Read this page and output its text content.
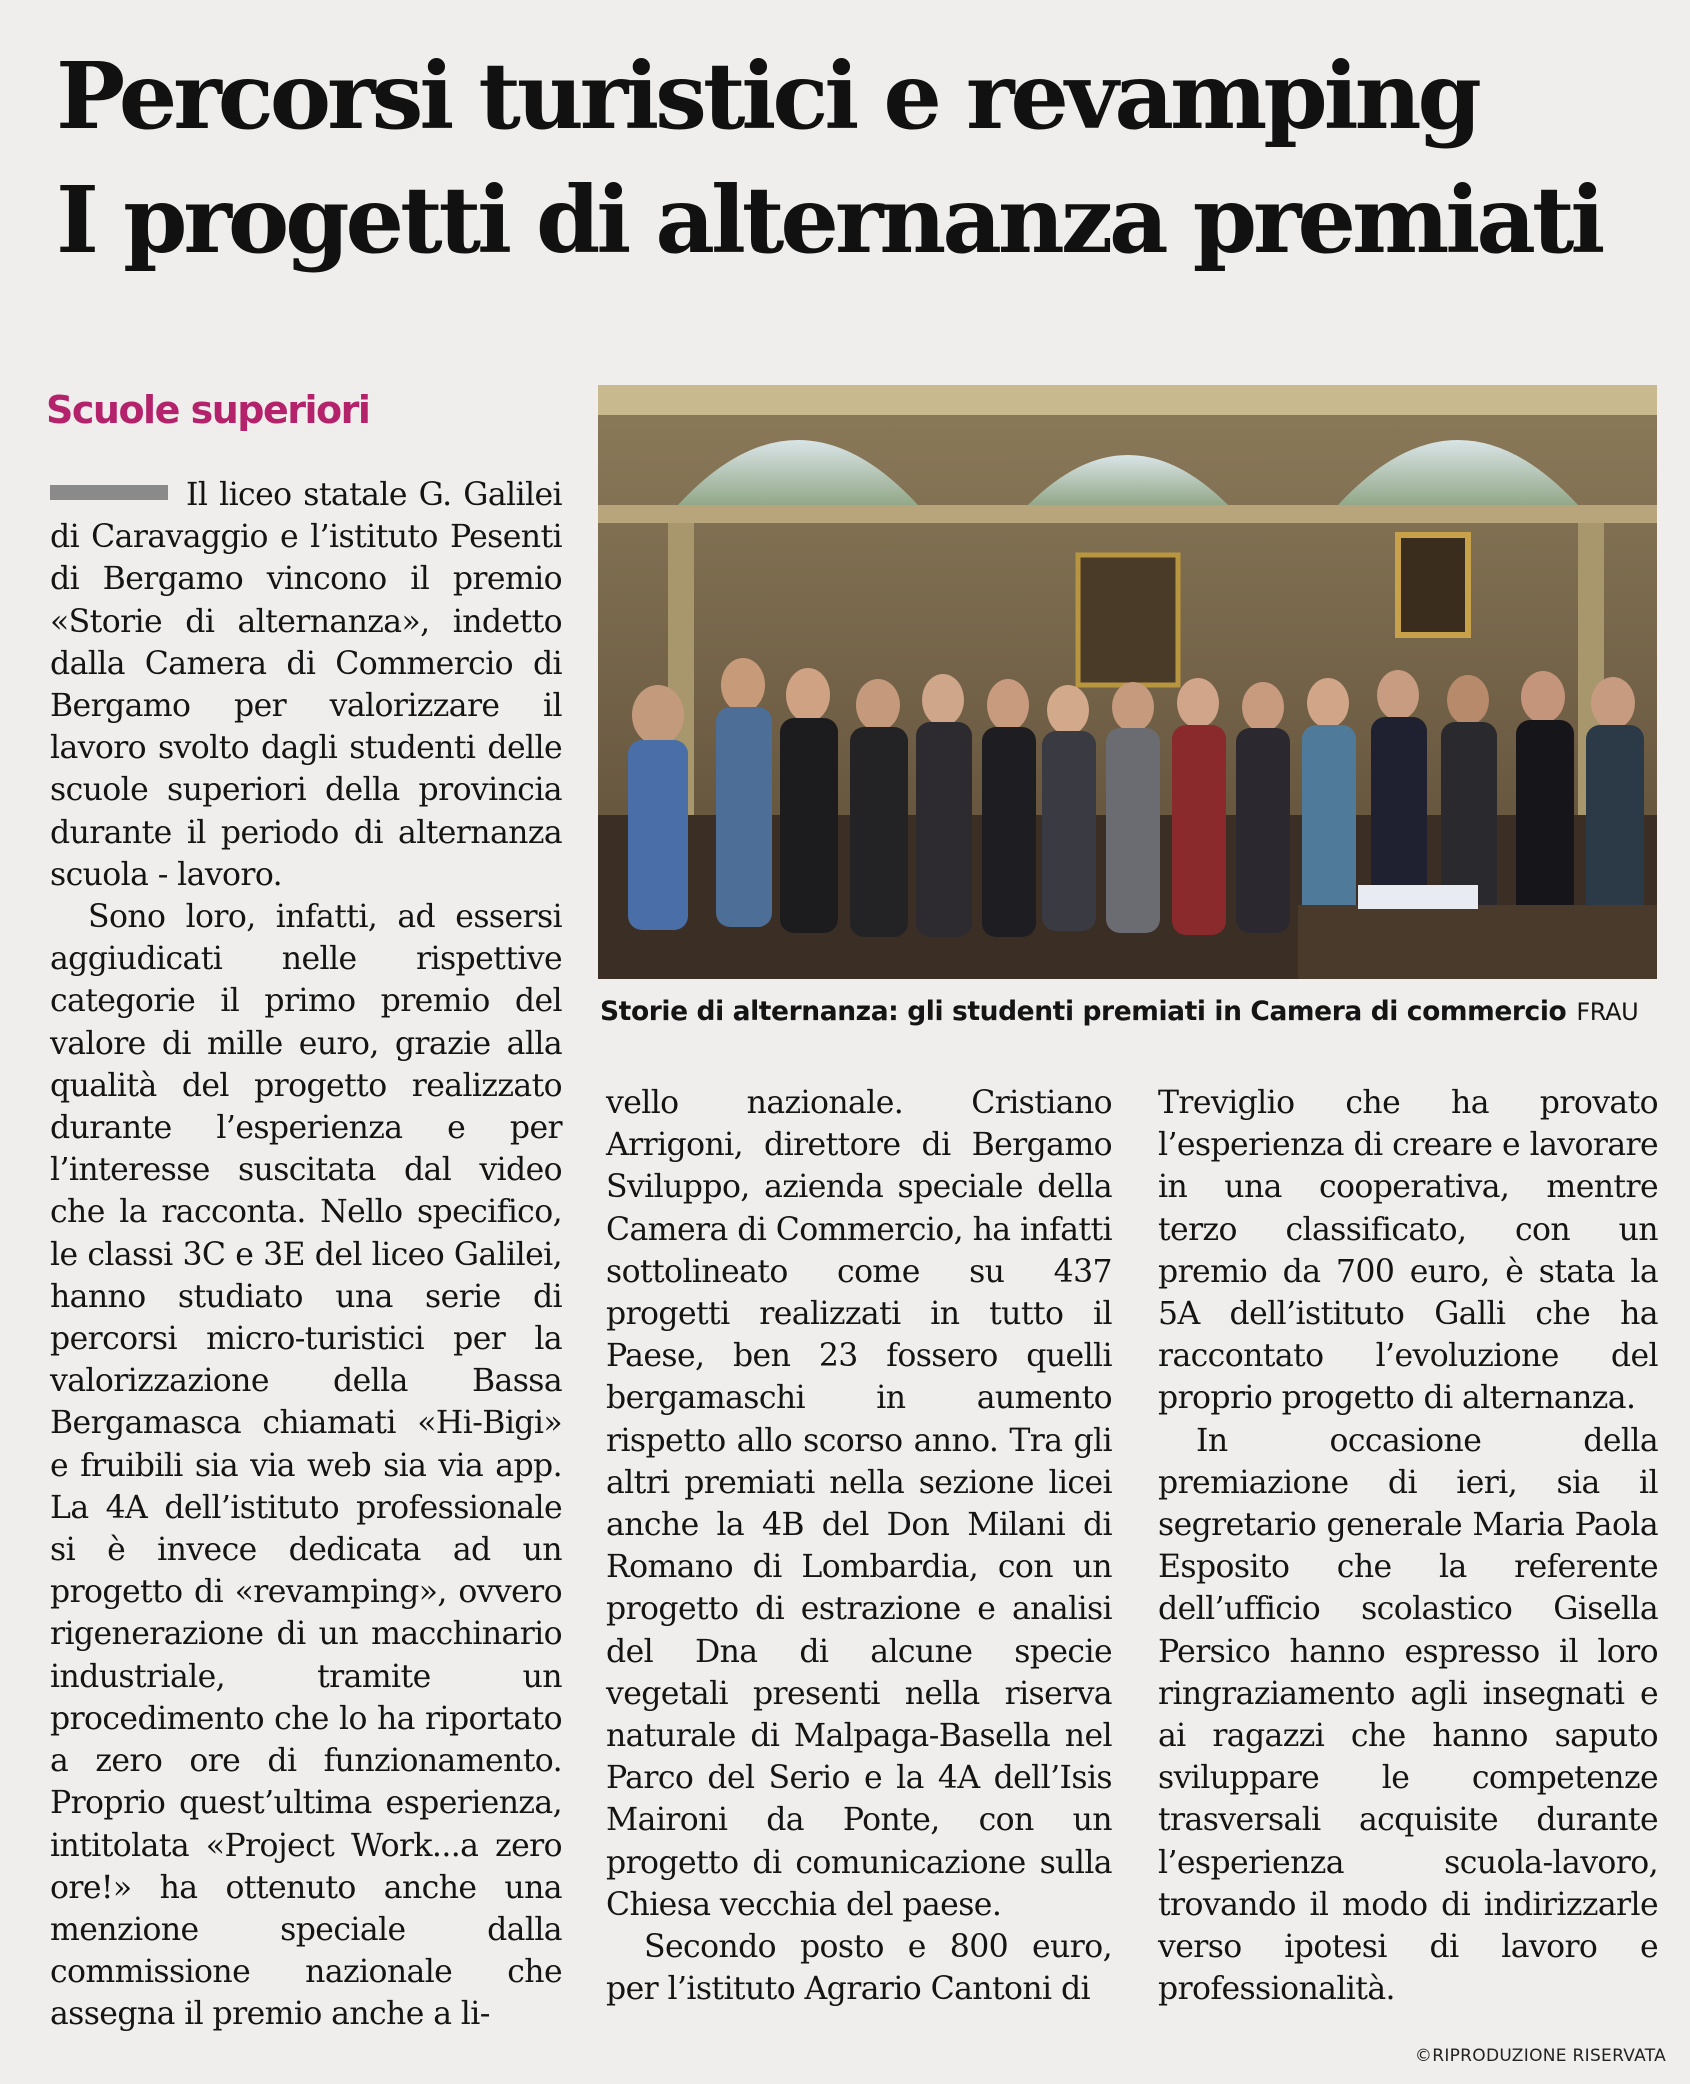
Percorsi turistici e revamping
I progetti di alternanza premiati
Scuole superiori

Il liceo statale G. Galilei di Caravaggio e l’istituto Pesenti di Bergamo vincono il premio «Storie di alternanza», indetto dalla Camera di Commercio di Bergamo per valorizzare il lavoro svolto dagli studenti delle scuole superiori della provincia durante il periodo di alternanza scuola - lavoro.

Sono loro, infatti, ad essersi aggiudicati nelle rispettive categorie il primo premio del valore di mille euro, grazie alla qualità del progetto realizzato durante l’esperienza e per l’interesse suscitata dal video che la racconta. Nello specifico, le classi 3C e 3E del liceo Galilei, hanno studiato una serie di percorsi micro-turistici per la valorizzazione della Bassa Bergamasca chiamati «Hi-Bigi» e fruibili sia via web sia via app. La 4A dell’istituto professionale si è invece dedicata ad un progetto di «revamping», ovvero rigenerazione di un macchinario industriale, tramite un procedimento che lo ha riportato a zero ore di funzionamento. Proprio quest’ultima esperienza, intitolata «Project Work...a zero ore!» ha ottenuto anche una menzione speciale dalla commissione nazionale che assegna il premio anche a li-

Storie di alternanza: gli studenti premiati in Camera di commercio FRAU

vello nazionale. Cristiano Arrigoni, direttore di Bergamo Sviluppo, azienda speciale della Camera di Commercio, ha infatti sottolineato come su 437 progetti realizzati in tutto il Paese, ben 23 fossero quelli bergamaschi in aumento rispetto allo scorso anno. Tra gli altri premiati nella sezione licei anche la 4B del Don Milani di Romano di Lombardia, con un progetto di estrazione e analisi del Dna di alcune specie vegetali presenti nella riserva naturale di Malpaga-Basella nel Parco del Serio e la 4A dell’Isis Maironi da Ponte, con un progetto di comunicazione sulla Chiesa vecchia del paese.

Secondo posto e 800 euro, per l’istituto Agrario Cantoni di

Treviglio che ha provato l’esperienza di creare e lavorare in una cooperativa, mentre terzo classificato, con un premio da 700 euro, è stata la 5A dell’istituto Galli che ha raccontato l’evoluzione del proprio progetto di alternanza.

In occasione della premiazione di ieri, sia il segretario generale Maria Paola Esposito che la referente dell’ufficio scolastico Gisella Persico hanno espresso il loro ringraziamento agli insegnati e ai ragazzi che hanno saputo sviluppare le competenze trasversali acquisite durante l’esperienza scuola-lavoro, trovando il modo di indirizzarle verso ipotesi di lavoro e professionalità.

©RIPRODUZIONE RISERVATA
